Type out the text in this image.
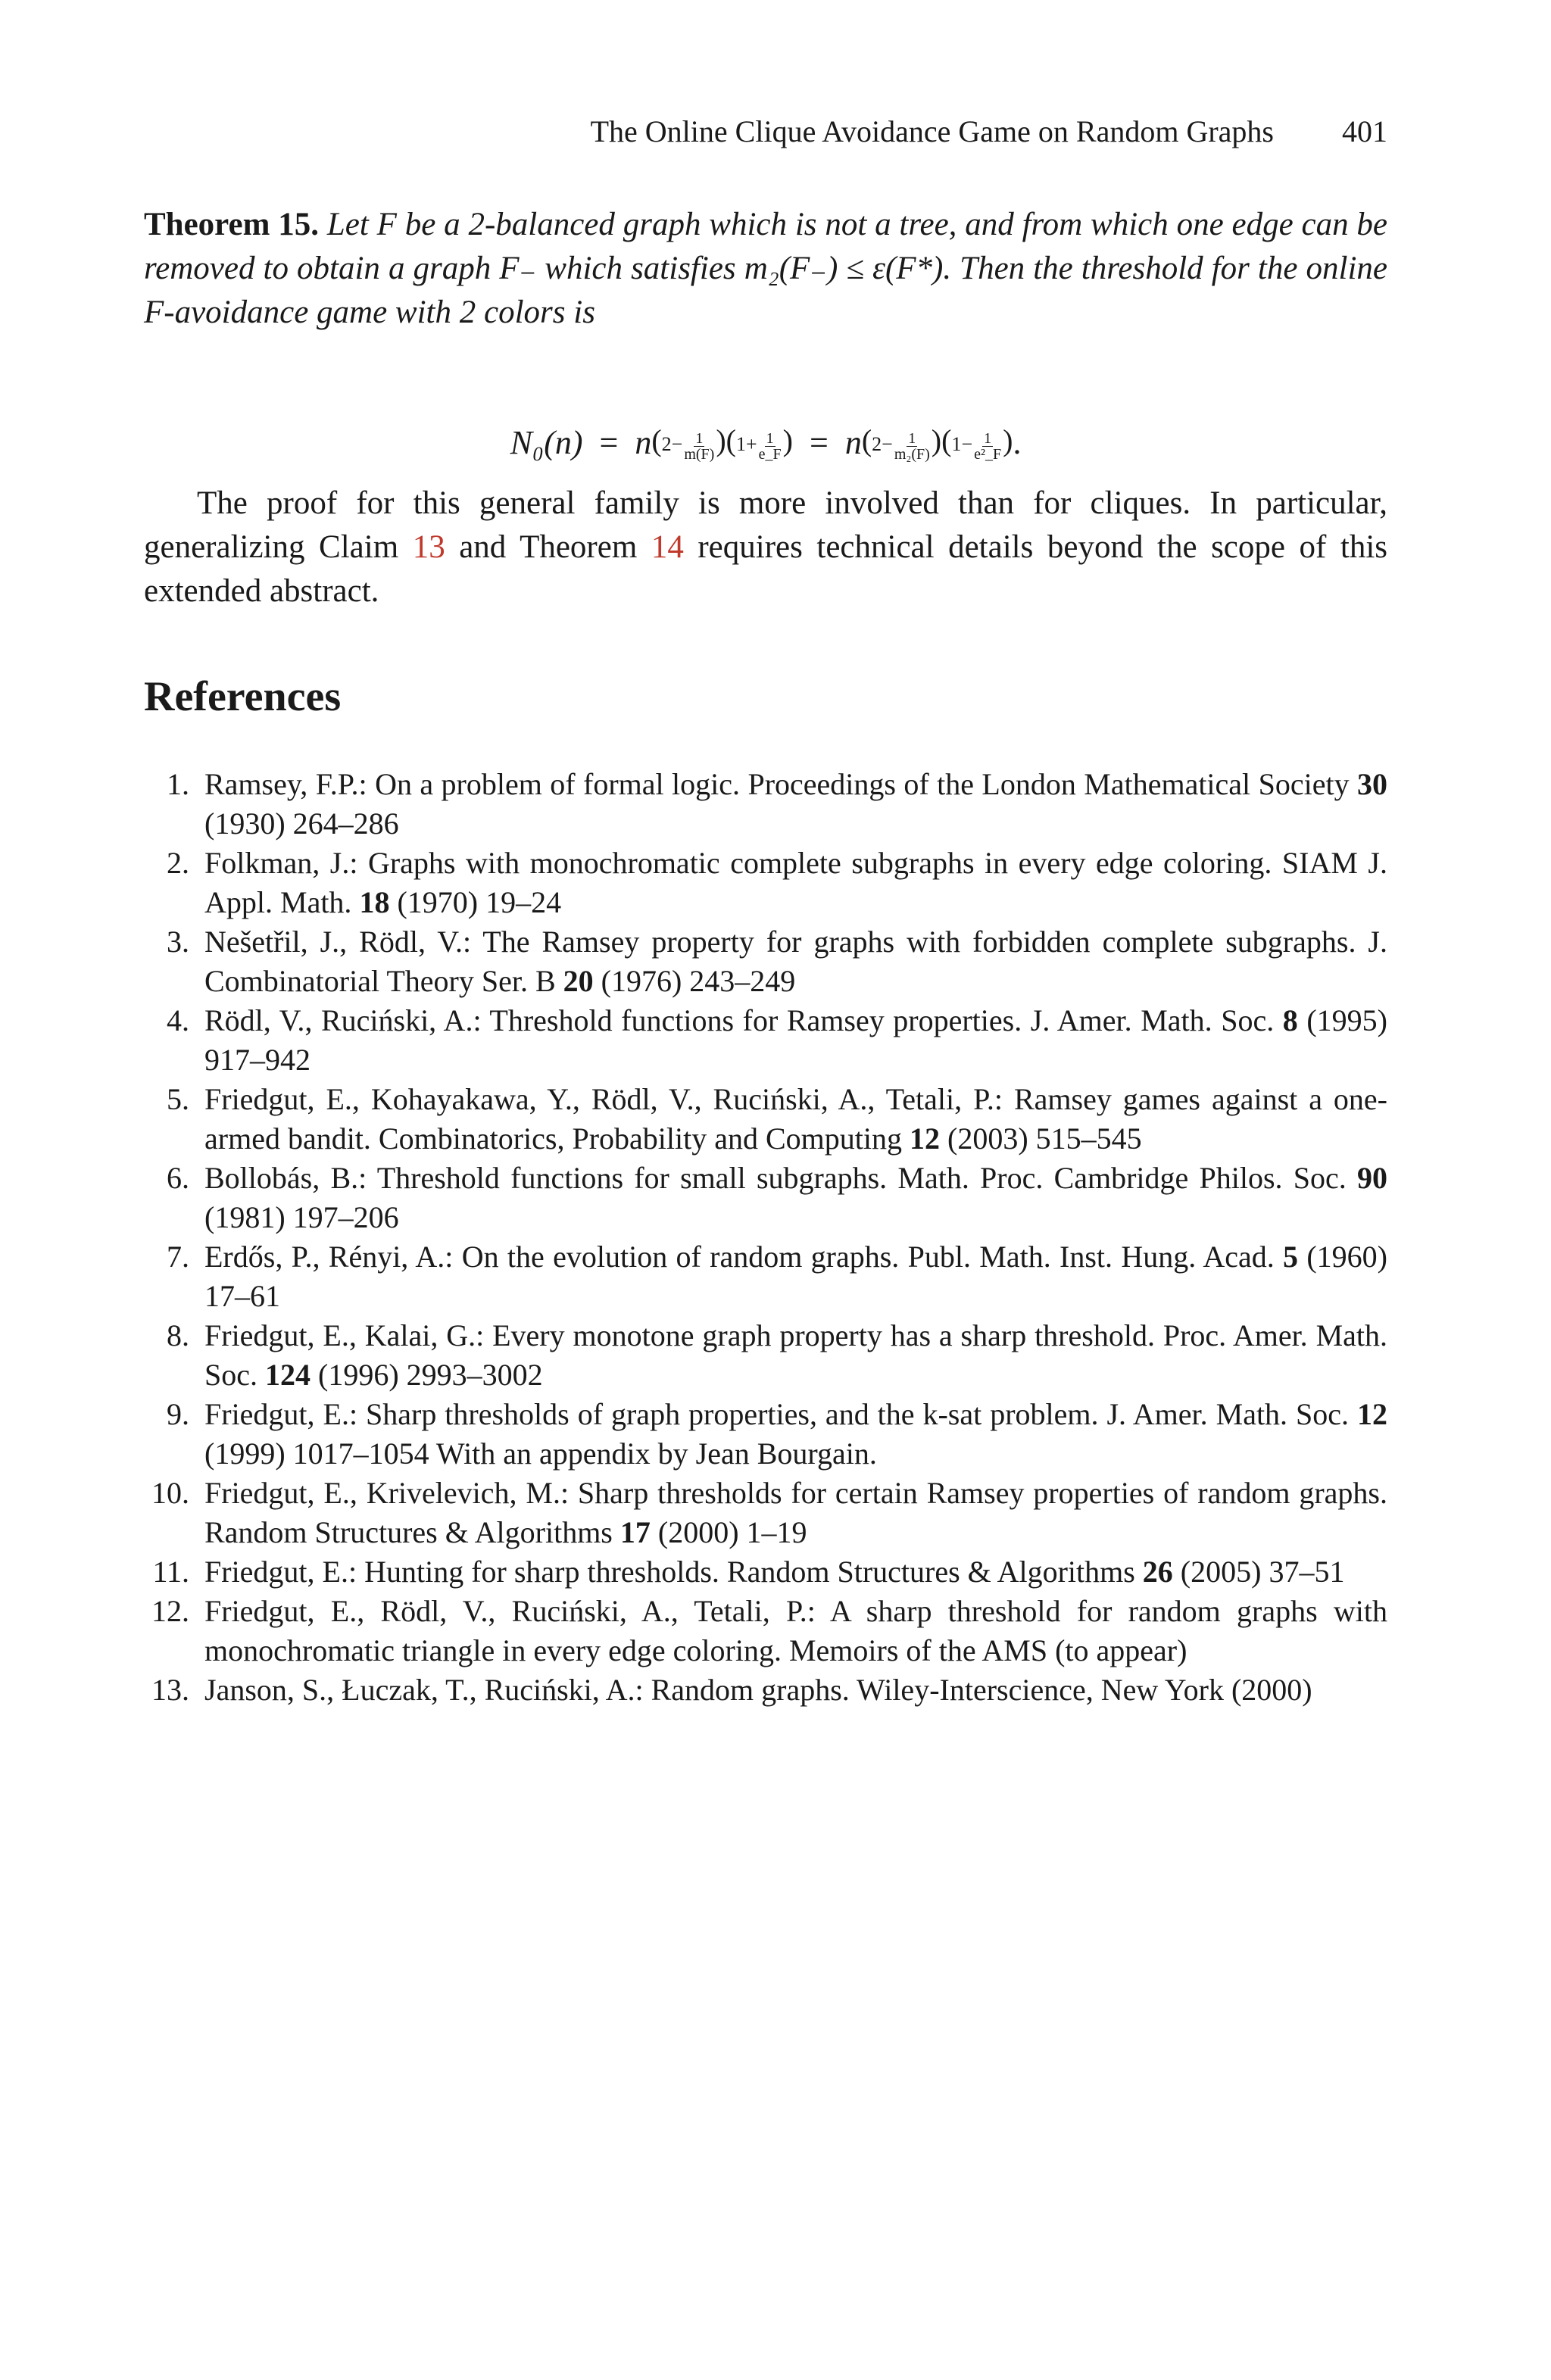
The Online Clique Avoidance Game on Random Graphs 401
Theorem 15. Let F be a 2-balanced graph which is not a tree, and from which one edge can be removed to obtain a graph F₋ which satisfies m₂(F₋) ≤ ε(F*). Then the threshold for the online F-avoidance game with 2 colors is
N₀(n) = n $(2- \frac{1}{m(F)} )(1+ \frac{1}{e\_F}$ ) = n $(2- \frac{1}{\text{m₂(F)}} )(1- \frac{1}{\text{e²\_F}}$ ) .

The proof for this general family is more involved than for cliques. In particular, generalizing Claim 13 and Theorem 14 requires technical details beyond the scope of this extended abstract.

References
1. Ramsey, F.P.: On a problem of formal logic. Proceedings of the London Mathematical Society 30 (1930) 264–286
2. Folkman, J.: Graphs with monochromatic complete subgraphs in every edge coloring. SIAM J. Appl. Math. 18 (1970) 19–24
3. Nešetřil, J., Rödl, V.: The Ramsey property for graphs with forbidden complete subgraphs. J. Combinatorial Theory Ser. B 20 (1976) 243–249
4. Rödl, V., Ruciński, A.: Threshold functions for Ramsey properties. J. Amer. Math. Soc. 8 (1995) 917–942
5. Friedgut, E., Kohayakawa, Y., Rödl, V., Ruciński, A., Tetali, P.: Ramsey games against a one-armed bandit. Combinatorics, Probability and Computing 12 (2003) 515–545
6. Bollobás, B.: Threshold functions for small subgraphs. Math. Proc. Cambridge Philos. Soc. 90 (1981) 197–206
7. Erdős, P., Rényi, A.: On the evolution of random graphs. Publ. Math. Inst. Hung. Acad. 5 (1960) 17–61
8. Friedgut, E., Kalai, G.: Every monotone graph property has a sharp threshold. Proc. Amer. Math. Soc. 124 (1996) 2993–3002
9. Friedgut, E.: Sharp thresholds of graph properties, and the k-sat problem. J. Amer. Math. Soc. 12 (1999) 1017–1054 With an appendix by Jean Bourgain.
10. Friedgut, E., Krivelevich, M.: Sharp thresholds for certain Ramsey properties of random graphs. Random Structures & Algorithms 17 (2000) 1–19
11. Friedgut, E.: Hunting for sharp thresholds. Random Structures & Algorithms 26 (2005) 37–51
12. Friedgut, E., Rödl, V., Ruciński, A., Tetali, P.: A sharp threshold for random graphs with monochromatic triangle in every edge coloring. Memoirs of the AMS (to appear)
13. Janson, S., Łuczak, T., Ruciński, A.: Random graphs. Wiley-Interscience, New York (2000)
